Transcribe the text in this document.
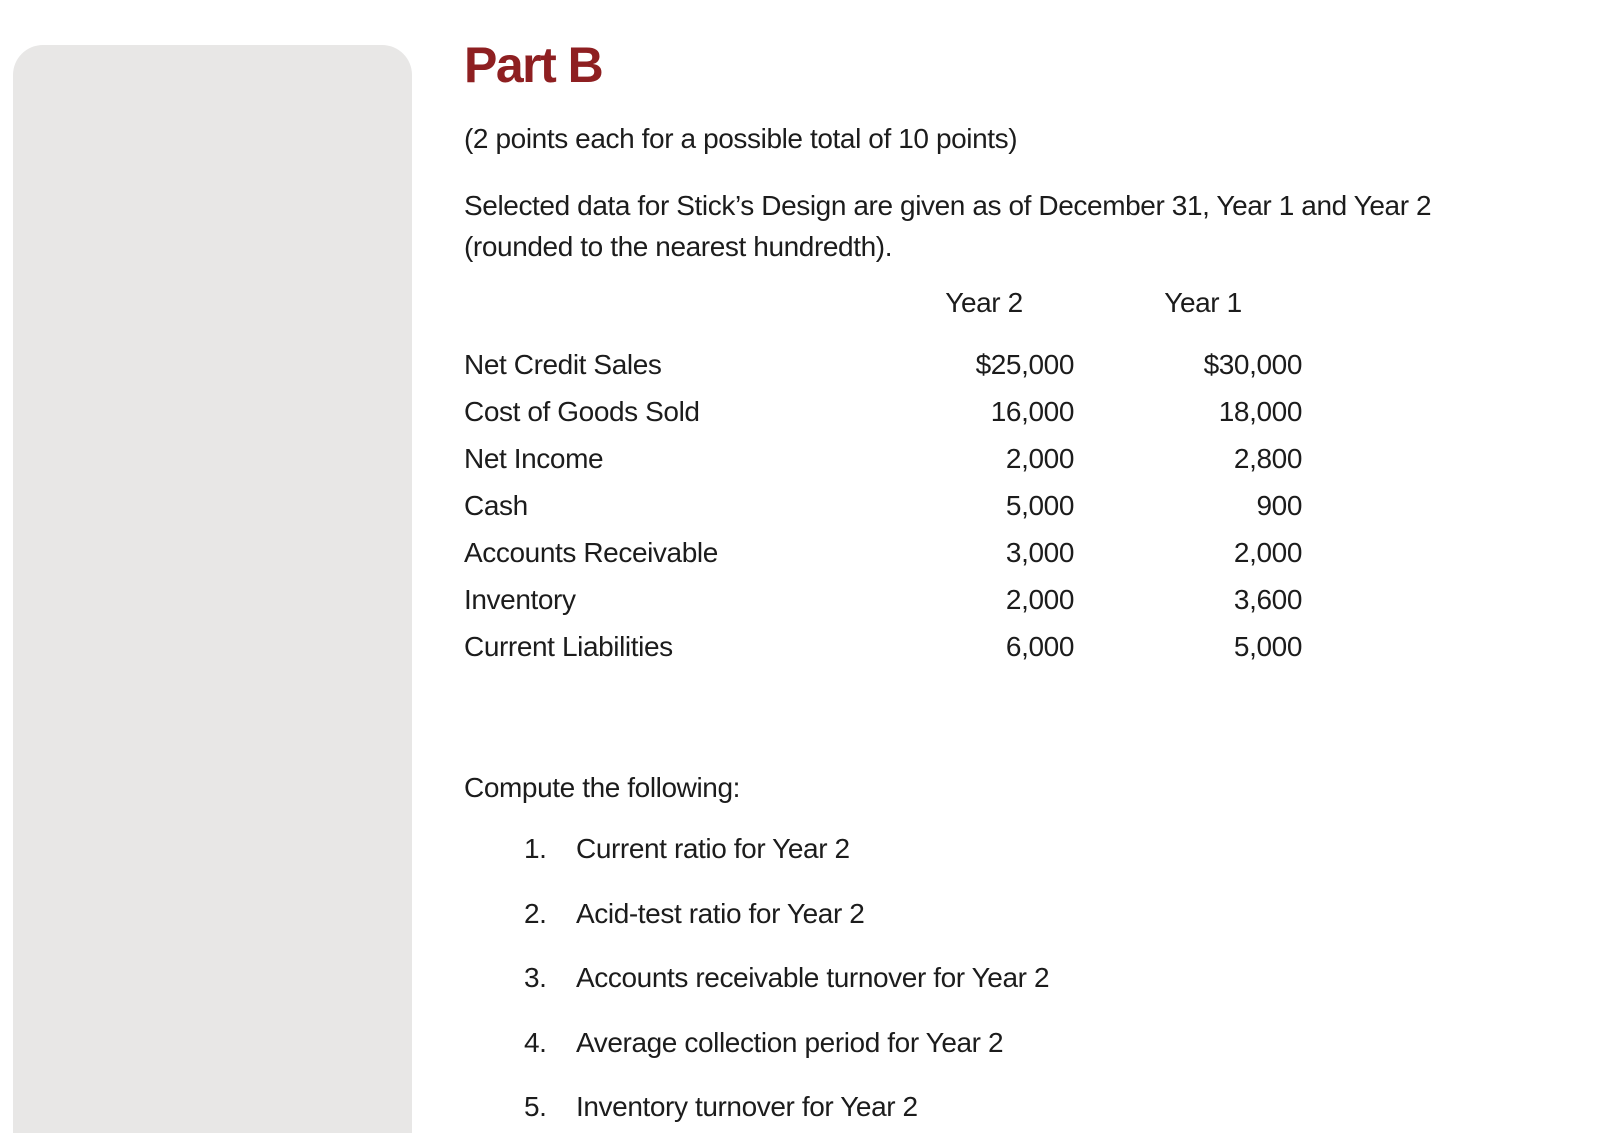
Part B

(2 points each for a possible total of 10 points)

Selected data for Stick’s Design are given as of December 31, Year 1 and Year 2 (rounded to the nearest hundredth).

	Year 2	Year 1

Net Credit Sales	$25,000	$30,000
Cost of Goods Sold	16,000	18,000
Net Income	2,000	2,800
Cash	5,000	900
Accounts Receivable	3,000	2,000
Inventory	2,000	3,600
Current Liabilities	6,000	5,000

Compute the following:

1.	Current ratio for Year 2
2.	Acid-test ratio for Year 2
3.	Accounts receivable turnover for Year 2
4.	Average collection period for Year 2
5.	Inventory turnover for Year 2
